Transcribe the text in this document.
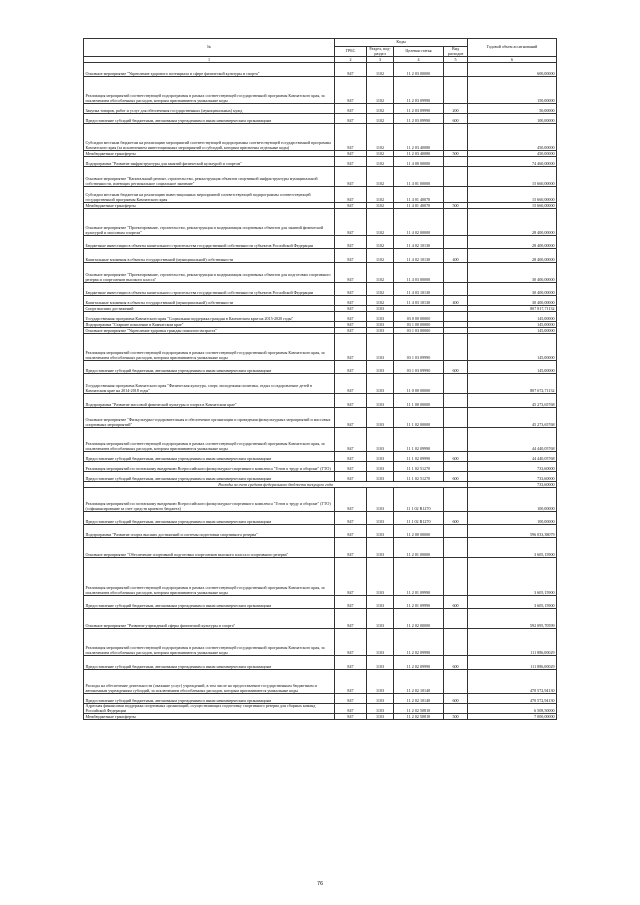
№	Коды				Годовой объем ассигнований
	ГРБС	Раздел, под-раздел	Целевая статья	Вид расходов	
1	2	3	4	5	6
Основное мероприятие "Укрепление здорового потенциала в сфере физической культуры и спорта"	847	1102	11 2 03 00000		600,00000
Реализация мероприятий соответствующей подпрограммы в рамках соответствующей государственной программы Камчатского края, за исключением обособленных расходов, которым присваиваются уникальные коды	847	1102	11 2 03 09990		150,00000
Закупка товаров, работ и услуг для обеспечения государственных (муниципальных) нужд	847	1102	11 2 03 09990	200	50,00000
Предоставление субсидий бюджетным, автономным учреждениям и иным некоммерческим организациям	847	1102	11 2 03 09990	600	100,00000
Субсидии местным бюджетам на реализацию мероприятий соответствующей подпрограммы соответствующей государственной программы Камчатского края (за исключением инвестиционных мероприятий и субсидий, которым присвоены отдельные коды)	847	1102	11 2 03 40080		450,00000
Межбюджетные трансферты	847	1102	11 2 03 40080	500	450,00000
Подпрограмма "Развитие инфраструктуры для занятий физической культурой и спортом"	847	1102	11 4 00 00000		74 460,00000
Основное мероприятие "Капитальный ремонт, строительство, реконструкция объектов спортивной инфраструктуры муниципальной собственности, имеющих региональное социальное значение"	847	1102	11 4 01 00000		15 660,00000
Субсидии местным бюджетам на реализацию инвестиционных мероприятий соответствующей подпрограммы соответствующей государственной программы Камчатского края	847	1102	11 4 01 40070		15 660,00000
Межбюджетные трансферты	847	1102	11 4 01 40070	500	15 660,00000
Основное мероприятие "Проектирование, строительство, реконструкция и модернизация спортивных объектов для занятий физической культурой и массовым спортом"	847	1102	11 4 02 00000		28 400,00000
Бюджетные инвестиции в объекты капитального строительства государственной собственности субъектов Российской Федерации	847	1102	11 4 02 10130		28 400,00000
Капитальные вложения в объекты государственной (муниципальной) собственности	847	1102	11 4 02 10130	400	28 400,00000
Основное мероприятие "Проектирование, строительство, реконструкция и модернизация спортивных объектов для подготовки спортивного резерва и спортсменов высокого класса"	847	1102	11 4 03 00000		30 400,00000
Бюджетные инвестиции в объекты капитального строительства государственной собственности субъектов Российской Федерации	847	1102	11 4 03 10130		30 400,00000
Капитальные вложения в объекты государственной (муниципальной) собственности	847	1102	11 4 03 10130	400	30 400,00000
Спорт высших достижений	847	1103			807 817,71132
Государственная программа Камчатского края "Социальная поддержка граждан в Камчатском крае на 2015-2020 годы"	847	1103	03 0 00 00000		145,00000
Подпрограмма "Старшее поколение в Камчатском крае"	847	1103	03 1 00 00000		145,00000
Основное мероприятие "Укрепление здоровья граждан пожилого возраста"	847	1103	03 1 03 00000		145,00000
Реализация мероприятий соответствующей подпрограммы в рамках соответствующей государственной программы Камчатского края, за исключением обособленных расходов, которым присваиваются уникальные коды	847	1103	03 1 03 09990		145,00000
Предоставление субсидий бюджетным, автономным учреждениям и иным некоммерческим организациям	847	1103	03 1 03 09990	600	145,00000
Государственная программа Камчатского края "Физическая культура, спорт, молодежная политика, отдых и оздоровление детей в Камчатском крае на 2014-2018 годы"	847	1103	11 0 00 00000		807 672,71132
Подпрограмма "Развитие массовой физической культуры и спорта в Камчатском крае"	847	1103	11 1 00 00000		45 273,65768
Основное мероприятие "Физкультурно-оздоровительная и обеспечение организации и проведения физкультурных мероприятий и массовых спортивных мероприятий"	847	1103	11 1 02 00000		45 273,65768
Реализация мероприятий соответствующей подпрограммы в рамках соответствующей государственной программы Камчатского края, за исключением обособленных расходов, которым присваиваются уникальные коды	847	1103	11 1 02 09990		44 440,05768
Предоставление субсидий бюджетным, автономным учреждениям и иным некоммерческим организациям	847	1103	11 1 02 09990	600	44 440,05768
Реализация мероприятий по поэтапному внедрению Всероссийского физкультурно-спортивного комплекса "Готов к труду и обороне" (ГТО)	847	1103	11 1 02 51270		733,60000
Предоставление субсидий бюджетным, автономным учреждениям и иным некоммерческим организациям	847	1103	11 1 02 51270	600	733,60000
Расходы за счет средств федерального бюджета текущего года					733,60000
Реализация мероприятий по поэтапному внедрению Всероссийского физкультурно-спортивного комплекса "Готов к труду и обороне" (ГТО) (софинансирование за счет средств краевого бюджета)	847	1103	11 1 02 R1270		100,00000
Предоставление субсидий бюджетным, автономным учреждениям и иным некоммерческим организациям	847	1103	11 1 02 R1270	600	100,00000
Подпрограмма "Развитие спорта высших достижений и системы подготовки спортивного резерва"	847	1103	11 2 00 00000		596 033,38079
Основное мероприятие "Обеспечение спортивной подготовки спортсменов высокого класса и спортивного резерва"	847	1103	11 2 01 00000		3 605,15900
Реализация мероприятий соответствующей подпрограммы в рамках соответствующей государственной программы Камчатского края, за исключением обособленных расходов, которым присваиваются уникальные коды	847	1103	11 2 01 09990		3 605,15900
Предоставление субсидий бюджетным, автономным учреждениям и иным некоммерческим организациям	847	1103	11 2 01 09990	600	3 605,15900
Основное мероприятие "Развитие учреждений сферы физической культуры и спорта"	847	1103	11 2 02 00000		592 095,70599
Реализация мероприятий соответствующей подпрограммы в рамках соответствующей государственной программы Камчатского края, за исключением обособленных расходов, которым присваиваются уникальные коды	847	1103	11 2 02 09990		111 886,00029
Предоставление субсидий бюджетным, автономным учреждениям и иным некоммерческим организациям	847	1103	11 2 02 09990	600	111 886,00029
Расходы на обеспечение деятельности (оказание услуг) учреждений, в том числе на предоставление государственным бюджетным и автономным учреждениям субсидий, за исключением обособленных расходов, которым присваиваются уникальные коды	847	1103	11 2 02 10140		470 572,94130
Предоставление субсидий бюджетным, автономным учреждениям и иным некоммерческим организациям	847	1103	11 2 02 10140	600	470 572,94130
Адресная финансовая поддержка спортивных организаций, осуществляющих подготовку спортивного резерва для сборных команд Российской Федерации	847	1103	11 2 02 50810		6 508,50000
Межбюджетные трансферты	847	1103	11 2 02 50810	500	7 000,00000
76
